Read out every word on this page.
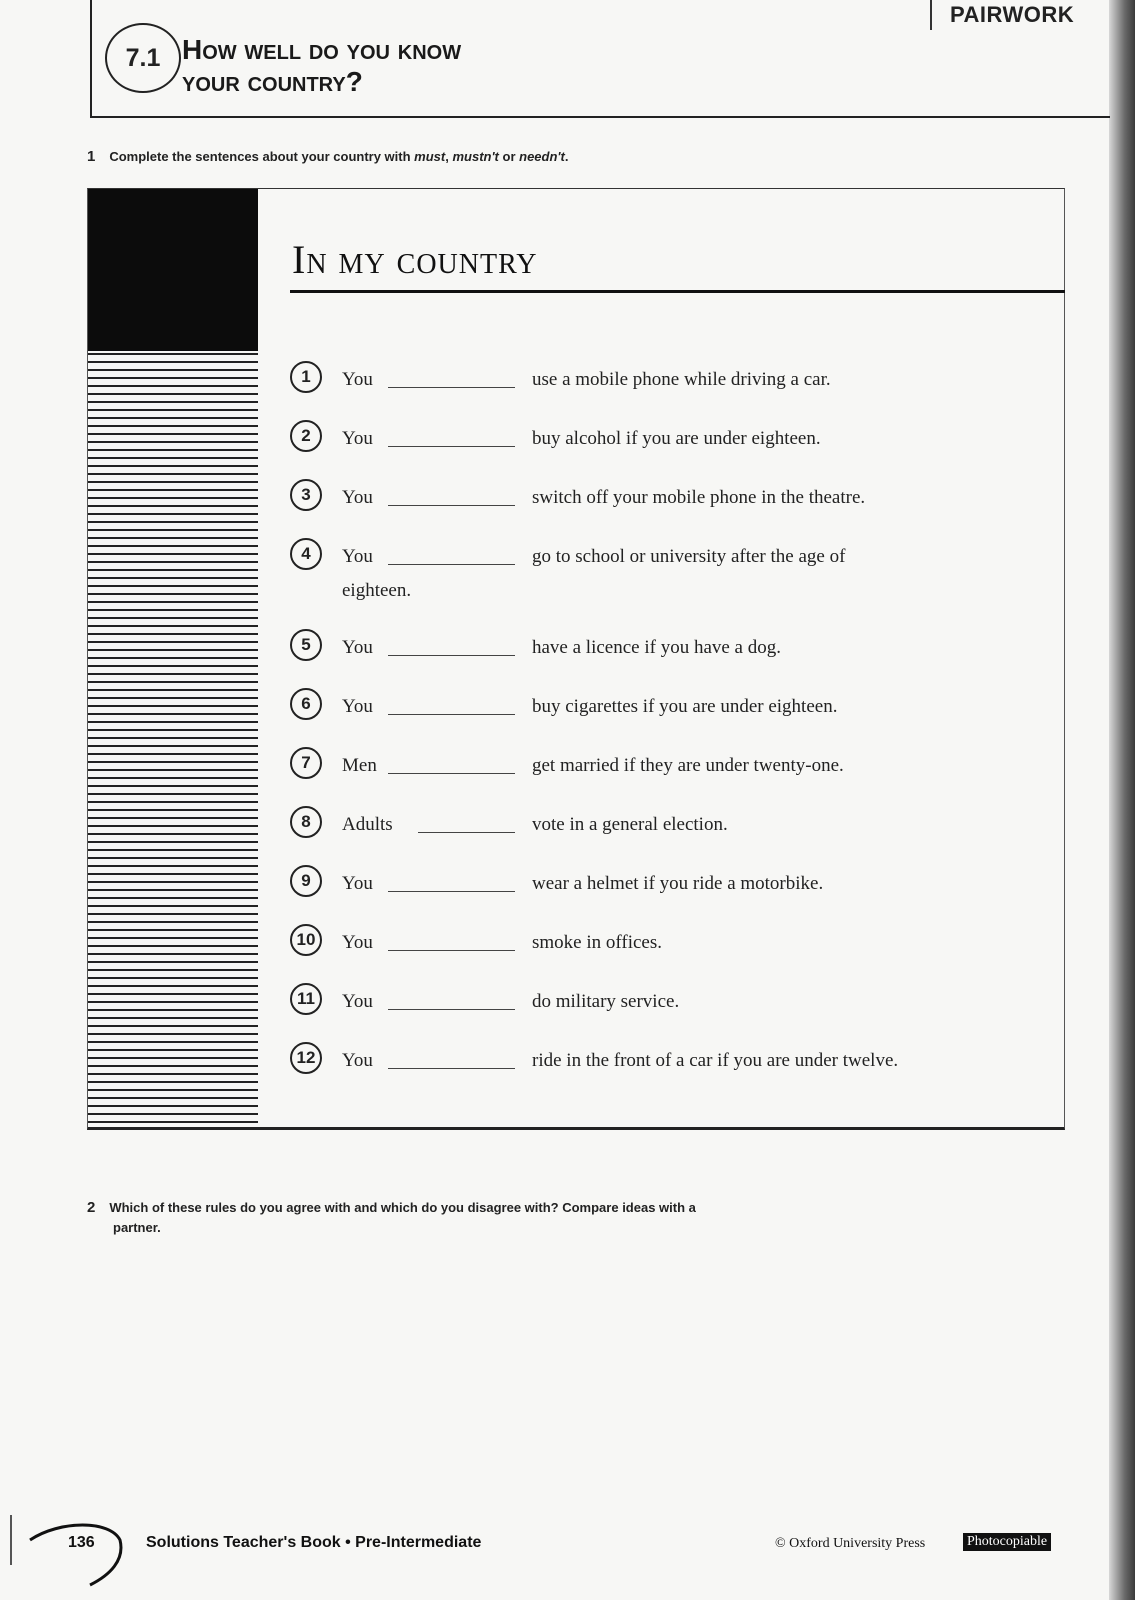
PAIRWORK
7.1 How well do you know
your country?
1 Complete the sentences about your country with must, mustn't or needn't.
In my country
1	You	use a mobile phone while driving a car.
2	You	buy alcohol if you are under eighteen.
3	You	switch off your mobile phone in the theatre.
4	You	go to school or university after the age of
eighteen.
5	You	have a licence if you have a dog.
6	You	buy cigarettes if you are under eighteen.
7	Men	get married if they are under twenty-one.
8	Adults	vote in a general election.
9	You	wear a helmet if you ride a motorbike.
10	You	smoke in offices.
11	You	do military service.
12	You	ride in the front of a car if you are under twelve.
2 Which of these rules do you agree with and which do you disagree with? Compare ideas with a
partner.
136	Solutions Teacher's Book • Pre-Intermediate	© Oxford University Press	Photocopiable
